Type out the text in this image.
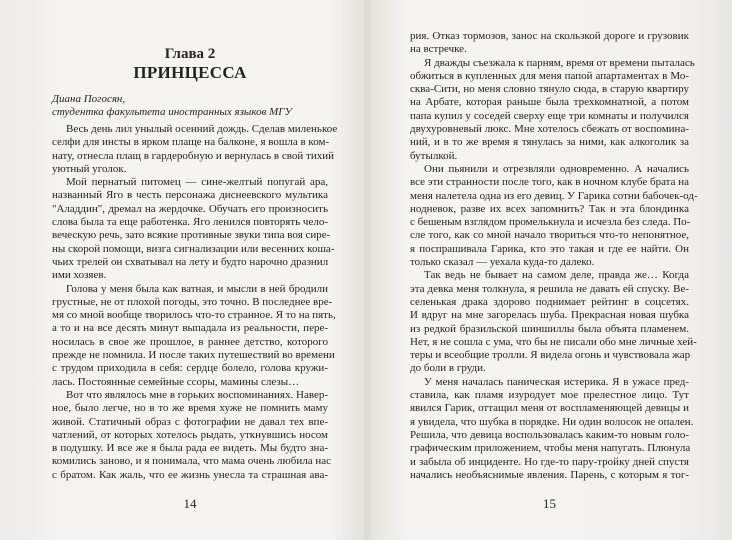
Глава 2
ПРИНЦЕССА
Диана Погосян,
студентка факультета иностранных языков МГУ
Весь день лил унылый осенний дождь. Сделав миленькое
селфи для инсты в ярком плаще на балконе, я вошла в ком-
нату, отнесла плащ в гардеробную и вернулась в свой тихий
уютный уголок.
Мой пернатый питомец — сине-желтый попугай ара,
названный Яго в честь персонажа диснеевского мультика
"Аладдин", дремал на жердочке. Обучать его произносить
слова была та еще работенка. Яго ленился повторять чело-
веческую речь, зато всякие противные звуки типа воя сире-
ны скорой помощи, визга сигнализации или весенних коша-
чьих трелей он схватывал на лету и будто нарочно дразнил
ими хозяев.
Голова у меня была как ватная, и мысли в ней бродили
грустные, не от плохой погоды, это точно. В последнее вре-
мя со мной вообще творилось что-то странное. Я то на пять,
а то и на все десять минут выпадала из реальности, пере-
носилась в свое же прошлое, в раннее детство, которого
прежде не помнила. И после таких путешествий во времени
с трудом приходила в себя: сердце болело, голова кружи-
лась. Постоянные семейные ссоры, мамины слезы…
Вот что являлось мне в горьких воспоминаниях. Навер-
ное, было легче, но в то же время хуже не помнить маму
живой. Статичный образ с фотографии не давал тех впе-
чатлений, от которых хотелось рыдать, уткнувшись носом
в подушку. И все же я была рада ее видеть. Мы будто зна-
комились заново, и я понимала, что мама очень любила нас
с братом. Как жаль, что ее жизнь унесла та страшная ава-
14
рия. Отказ тормозов, занос на скользкой дороге и грузовик
на встречке.
Я дважды съезжала к парням, время от времени пыталась
обжиться в купленных для меня папой апартаментах в Мо-
сква-Сити, но меня словно тянуло сюда, в старую квартиру
на Арбате, которая раньше была трехкомнатной, а потом
папа купил у соседей сверху еще три комнаты и получился
двухуровневый люкс. Мне хотелось сбежать от воспомина-
ний, и в то же время я тянулась за ними, как алкоголик за
бутылкой.
Они пьянили и отрезвляли одновременно. А начались
все эти странности после того, как в ночном клубе брата на
меня налетела одна из его девиц. У Гарика сотни бабочек-од-
нодневок, разве их всех запомнить? Так и эта блондинка
с бешеным взглядом промелькнула и исчезла без следа. По-
сле того, как со мной начало твориться что-то непонятное,
я поспрашивала Гарика, кто это такая и где ее найти. Он
только сказал — уехала куда-то далеко.
Так ведь не бывает на самом деле, правда же… Когда
эта девка меня толкнула, я решила не давать ей спуску. Ве-
селенькая драка здорово поднимает рейтинг в соцсетях.
И вдруг на мне загорелась шуба. Прекрасная новая шубка
из редкой бразильской шиншиллы была объята пламенем.
Нет, я не сошла с ума, что бы не писали обо мне личные хей-
теры и всеобщие тролли. Я видела огонь и чувствовала жар
до боли в груди.
У меня началась паническая истерика. Я в ужасе пред-
ставила, как пламя изуродует мое прелестное лицо. Тут
явился Гарик, оттащил меня от воспламеняющей девицы и
я увидела, что шубка в порядке. Ни один волосок не опален.
Решила, что девица воспользовалась каким-то новым голо-
графическим приложением, чтобы меня напугать. Плюнула
и забыла об инциденте. Но где-то пару-тройку дней спустя
начались необъяснимые явления. Парень, с которым я тог-
15
